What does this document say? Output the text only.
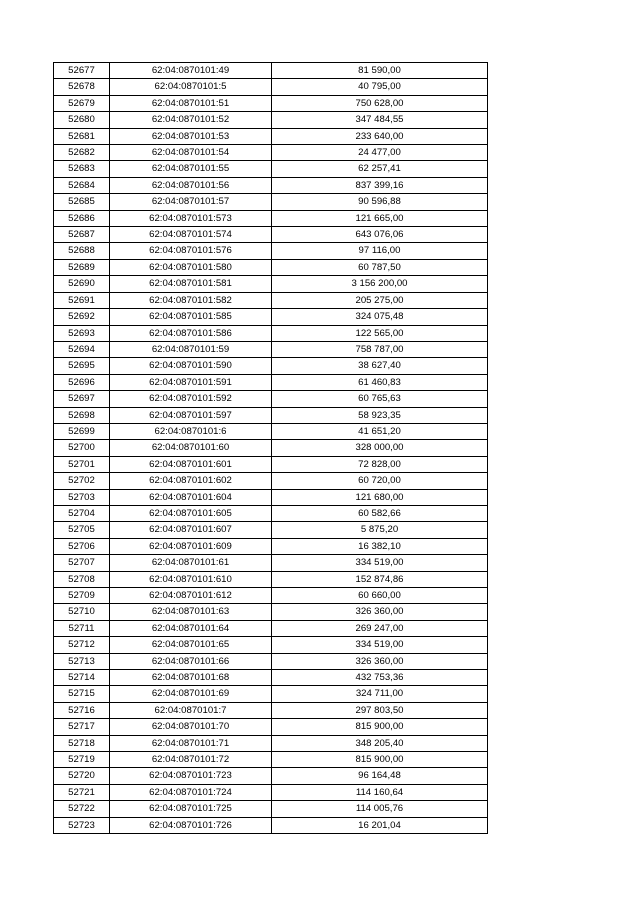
52677	62:04:0870101:49	81 590,00
52678	62:04:0870101:5	40 795,00
52679	62:04:0870101:51	750 628,00
52680	62:04:0870101:52	347 484,55
52681	62:04:0870101:53	233 640,00
52682	62:04:0870101:54	24 477,00
52683	62:04:0870101:55	62 257,41
52684	62:04:0870101:56	837 399,16
52685	62:04:0870101:57	90 596,88
52686	62:04:0870101:573	121 665,00
52687	62:04:0870101:574	643 076,06
52688	62:04:0870101:576	97 116,00
52689	62:04:0870101:580	60 787,50
52690	62:04:0870101:581	3 156 200,00
52691	62:04:0870101:582	205 275,00
52692	62:04:0870101:585	324 075,48
52693	62:04:0870101:586	122 565,00
52694	62:04:0870101:59	758 787,00
52695	62:04:0870101:590	38 627,40
52696	62:04:0870101:591	61 460,83
52697	62:04:0870101:592	60 765,63
52698	62:04:0870101:597	58 923,35
52699	62:04:0870101:6	41 651,20
52700	62:04:0870101:60	328 000,00
52701	62:04:0870101:601	72 828,00
52702	62:04:0870101:602	60 720,00
52703	62:04:0870101:604	121 680,00
52704	62:04:0870101:605	60 582,66
52705	62:04:0870101:607	5 875,20
52706	62:04:0870101:609	16 382,10
52707	62:04:0870101:61	334 519,00
52708	62:04:0870101:610	152 874,86
52709	62:04:0870101:612	60 660,00
52710	62:04:0870101:63	326 360,00
52711	62:04:0870101:64	269 247,00
52712	62:04:0870101:65	334 519,00
52713	62:04:0870101:66	326 360,00
52714	62:04:0870101:68	432 753,36
52715	62:04:0870101:69	324 711,00
52716	62:04:0870101:7	297 803,50
52717	62:04:0870101:70	815 900,00
52718	62:04:0870101:71	348 205,40
52719	62:04:0870101:72	815 900,00
52720	62:04:0870101:723	96 164,48
52721	62:04:0870101:724	114 160,64
52722	62:04:0870101:725	114 005,76
52723	62:04:0870101:726	16 201,04
